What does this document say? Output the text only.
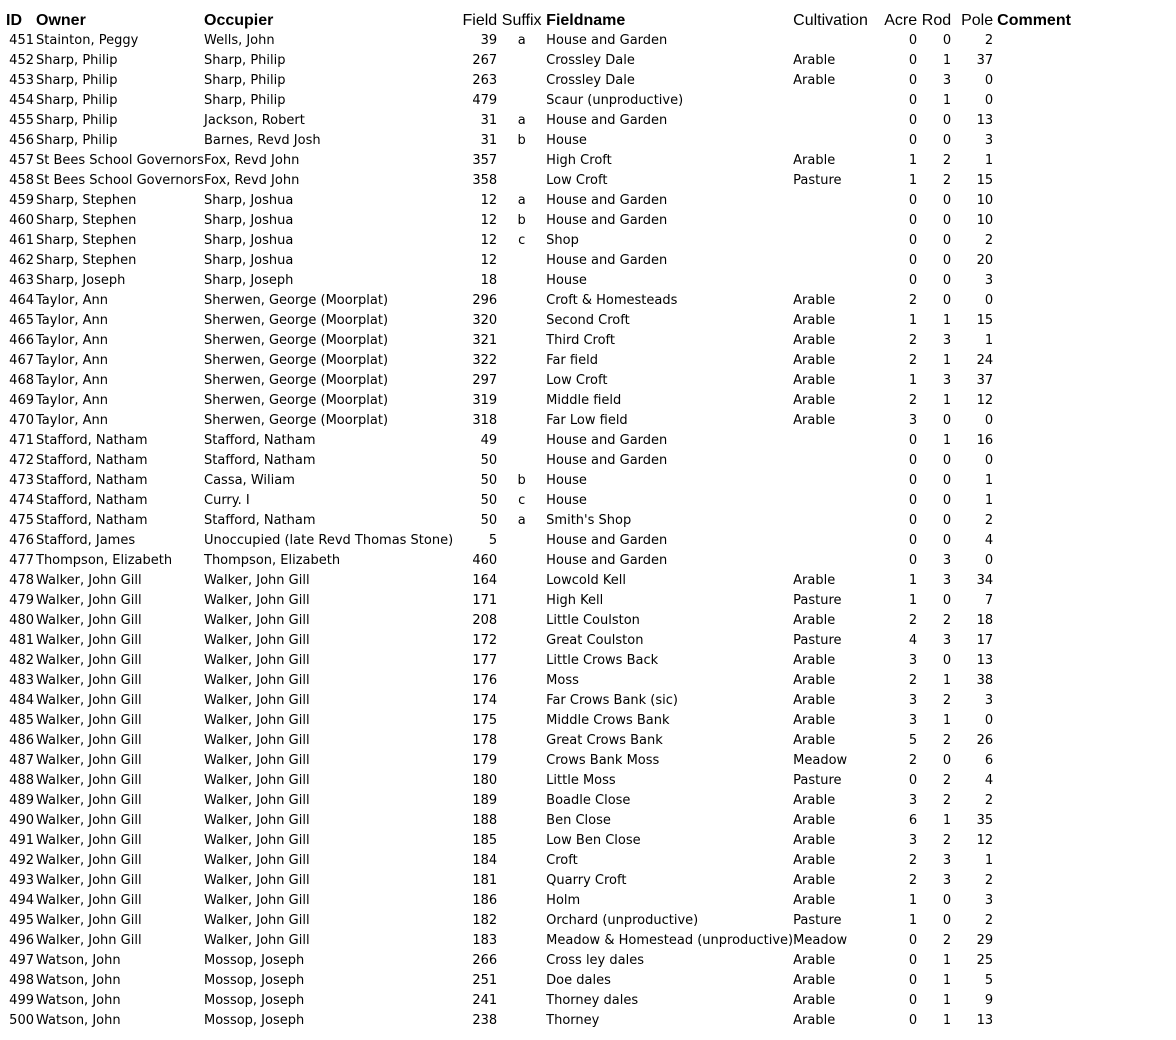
ID	Owner	Occupier	Field	Suffix	Fieldname	Cultivation	Acre	Rod	Pole	Comment
451	Stainton, Peggy	Wells, John	39	a	House and Garden		0	0	2	
452	Sharp, Philip	Sharp, Philip	267		Crossley Dale	Arable	0	1	37	
453	Sharp, Philip	Sharp, Philip	263		Crossley Dale	Arable	0	3	0	
454	Sharp, Philip	Sharp, Philip	479		Scaur (unproductive)		0	1	0	
455	Sharp, Philip	Jackson, Robert	31	a	House and Garden		0	0	13	
456	Sharp, Philip	Barnes, Revd Josh	31	b	House		0	0	3	
457	St Bees School Governors	Fox, Revd John	357		High Croft	Arable	1	2	1	
458	St Bees School Governors	Fox, Revd John	358		Low Croft	Pasture	1	2	15	
459	Sharp, Stephen	Sharp, Joshua	12	a	House and Garden		0	0	10	
460	Sharp, Stephen	Sharp, Joshua	12	b	House and Garden		0	0	10	
461	Sharp, Stephen	Sharp, Joshua	12	c	Shop		0	0	2	
462	Sharp, Stephen	Sharp, Joshua	12		House and Garden		0	0	20	
463	Sharp, Joseph	Sharp, Joseph	18		House		0	0	3	
464	Taylor, Ann	Sherwen, George (Moorplat)	296		Croft & Homesteads	Arable	2	0	0	
465	Taylor, Ann	Sherwen, George (Moorplat)	320		Second Croft	Arable	1	1	15	
466	Taylor, Ann	Sherwen, George (Moorplat)	321		Third Croft	Arable	2	3	1	
467	Taylor, Ann	Sherwen, George (Moorplat)	322		Far field	Arable	2	1	24	
468	Taylor, Ann	Sherwen, George (Moorplat)	297		Low Croft	Arable	1	3	37	
469	Taylor, Ann	Sherwen, George (Moorplat)	319		Middle field	Arable	2	1	12	
470	Taylor, Ann	Sherwen, George (Moorplat)	318		Far Low field	Arable	3	0	0	
471	Stafford, Natham	Stafford, Natham	49		House and Garden		0	1	16	
472	Stafford, Natham	Stafford, Natham	50		House and Garden		0	0	0	
473	Stafford, Natham	Cassa, Wiliam	50	b	House		0	0	1	
474	Stafford, Natham	Curry. I	50	c	House		0	0	1	
475	Stafford, Natham	Stafford, Natham	50	a	Smith's Shop		0	0	2	
476	Stafford, James	Unoccupied (late Revd Thomas Stone)	5		House and Garden		0	0	4	
477	Thompson, Elizabeth	Thompson, Elizabeth	460		House and Garden		0	3	0	
478	Walker, John Gill	Walker, John Gill	164		Lowcold Kell	Arable	1	3	34	
479	Walker, John Gill	Walker, John Gill	171		High Kell	Pasture	1	0	7	
480	Walker, John Gill	Walker, John Gill	208		Little Coulston	Arable	2	2	18	
481	Walker, John Gill	Walker, John Gill	172		Great Coulston	Pasture	4	3	17	
482	Walker, John Gill	Walker, John Gill	177		Little Crows Back	Arable	3	0	13	
483	Walker, John Gill	Walker, John Gill	176		Moss	Arable	2	1	38	
484	Walker, John Gill	Walker, John Gill	174		Far Crows Bank (sic)	Arable	3	2	3	
485	Walker, John Gill	Walker, John Gill	175		Middle Crows Bank	Arable	3	1	0	
486	Walker, John Gill	Walker, John Gill	178		Great Crows Bank	Arable	5	2	26	
487	Walker, John Gill	Walker, John Gill	179		Crows Bank Moss	Meadow	2	0	6	
488	Walker, John Gill	Walker, John Gill	180		Little Moss	Pasture	0	2	4	
489	Walker, John Gill	Walker, John Gill	189		Boadle Close	Arable	3	2	2	
490	Walker, John Gill	Walker, John Gill	188		Ben Close	Arable	6	1	35	
491	Walker, John Gill	Walker, John Gill	185		Low Ben Close	Arable	3	2	12	
492	Walker, John Gill	Walker, John Gill	184		Croft	Arable	2	3	1	
493	Walker, John Gill	Walker, John Gill	181		Quarry Croft	Arable	2	3	2	
494	Walker, John Gill	Walker, John Gill	186		Holm	Arable	1	0	3	
495	Walker, John Gill	Walker, John Gill	182		Orchard (unproductive)	Pasture	1	0	2	
496	Walker, John Gill	Walker, John Gill	183		Meadow & Homestead (unproductive)	Meadow	0	2	29	
497	Watson, John	Mossop, Joseph	266		Cross ley dales	Arable	0	1	25	
498	Watson, John	Mossop, Joseph	251		Doe dales	Arable	0	1	5	
499	Watson, John	Mossop, Joseph	241		Thorney dales	Arable	0	1	9	
500	Watson, John	Mossop, Joseph	238		Thorney	Arable	0	1	13	
